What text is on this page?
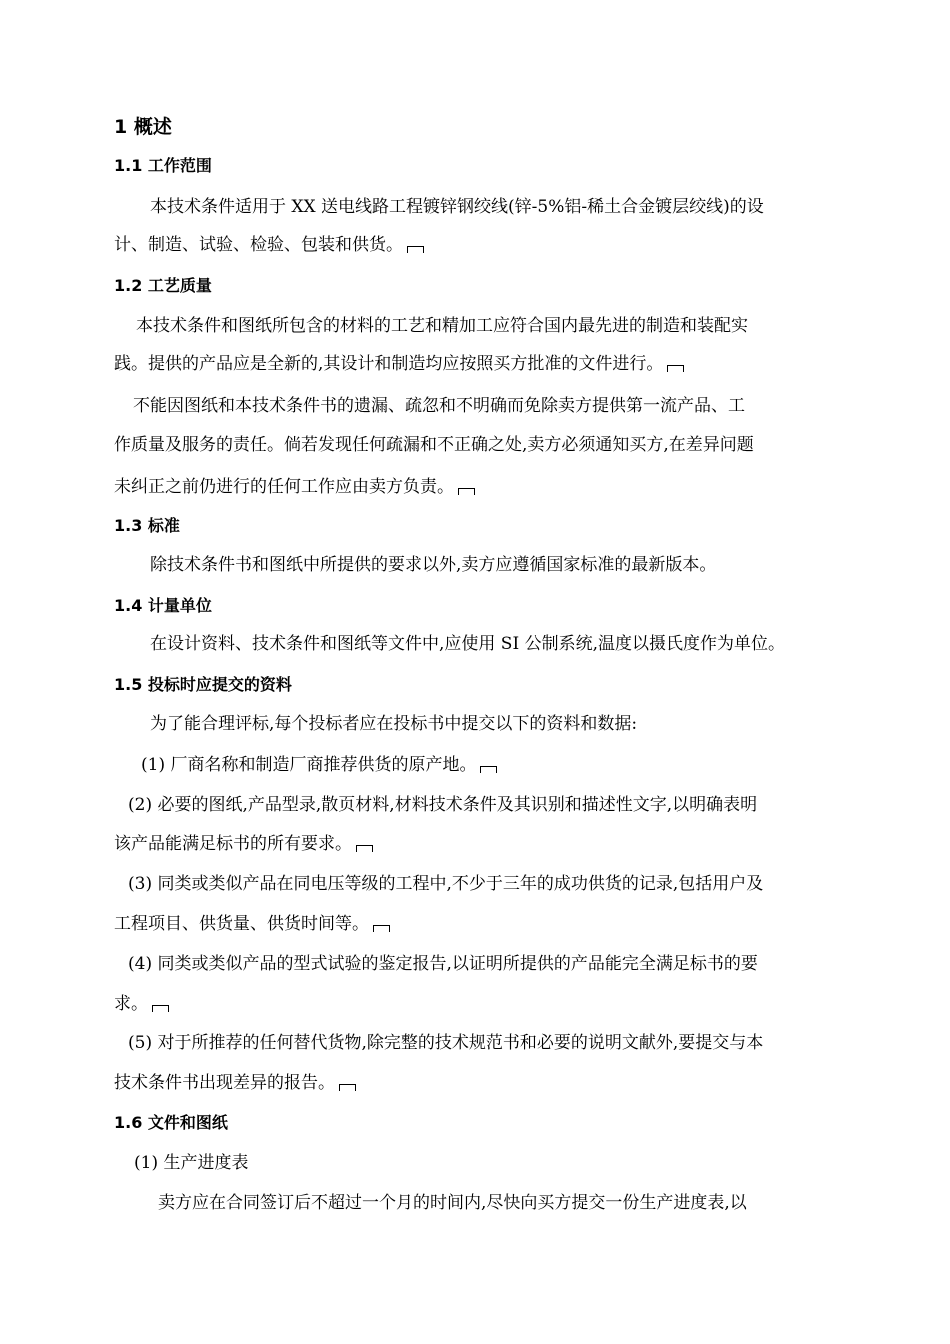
1 概述
1.1 工作范围
本技术条件适用于 XX 送电线路工程镀锌钢绞线(锌-5%铝-稀土合金镀层绞线)的设
计、制造、试验、检验、包装和供货。
1.2 工艺质量
本技术条件和图纸所包含的材料的工艺和精加工应符合国内最先进的制造和装配实
践。提供的产品应是全新的,其设计和制造均应按照买方批准的文件进行。
不能因图纸和本技术条件书的遗漏、疏忽和不明确而免除卖方提供第一流产品、工
作质量及服务的责任。倘若发现任何疏漏和不正确之处,卖方必须通知买方,在差异问题
未纠正之前仍进行的任何工作应由卖方负责。
1.3 标准
除技术条件书和图纸中所提供的要求以外,卖方应遵循国家标准的最新版本。
1.4 计量单位
在设计资料、技术条件和图纸等文件中,应使用 SI 公制系统,温度以摄氏度作为单位。
1.5 投标时应提交的资料
为了能合理评标,每个投标者应在投标书中提交以下的资料和数据:
(1) 厂商名称和制造厂商推荐供货的原产地。
(2) 必要的图纸,产品型录,散页材料,材料技术条件及其识别和描述性文字,以明确表明
该产品能满足标书的所有要求。
(3) 同类或类似产品在同电压等级的工程中,不少于三年的成功供货的记录,包括用户及
工程项目、供货量、供货时间等。
(4) 同类或类似产品的型式试验的鉴定报告,以证明所提供的产品能完全满足标书的要
求。
(5) 对于所推荐的任何替代货物,除完整的技术规范书和必要的说明文献外,要提交与本
技术条件书出现差异的报告。
1.6 文件和图纸
(1) 生产进度表
卖方应在合同签订后不超过一个月的时间内,尽快向买方提交一份生产进度表,以
